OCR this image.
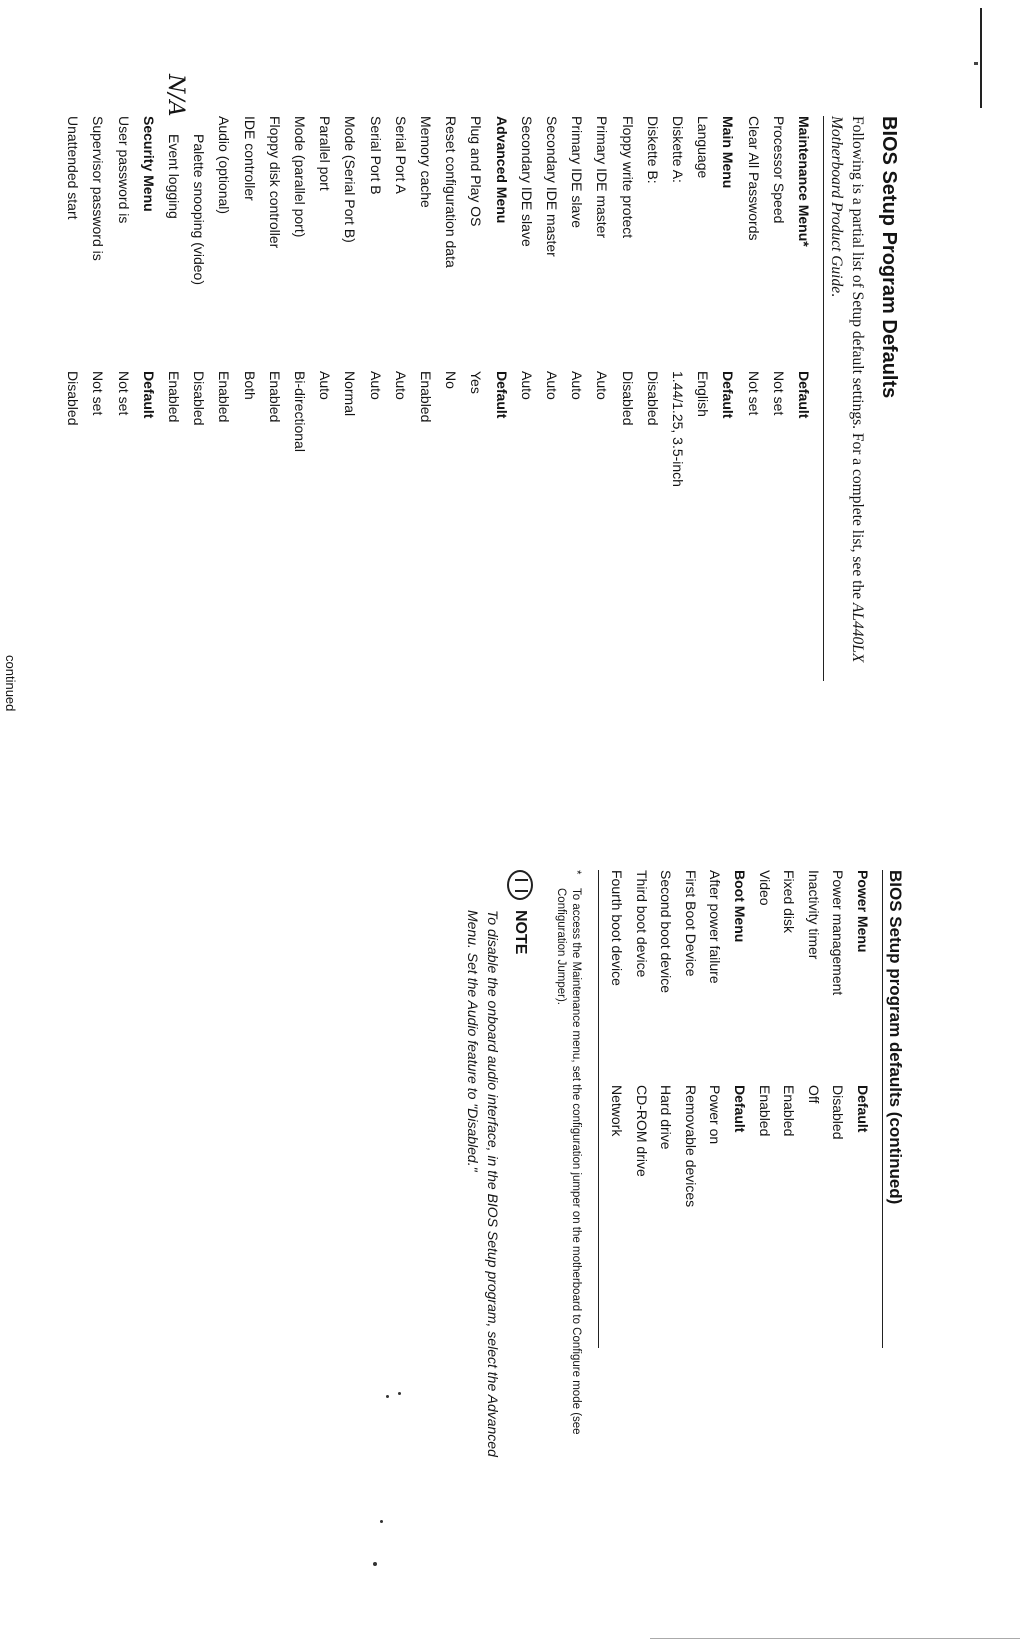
BIOS Setup Program Defaults
Following is a partial list of Setup default settings. For a complete list, see the AL440LX Motherboard Product Guide.
Maintenance Menu*
Default
Processor Speed
Not set
Clear All Passwords
Not set
Main Menu
Default
Language
English
Diskette A:
1.44/1.25, 3.5-inch
Diskette B:
Disabled
Floppy write protect
Disabled
Primary IDE master
Auto
Primary IDE slave
Auto
Secondary IDE master
Auto
Secondary IDE slave
Auto
Advanced Menu
Default
Plug and Play OS
Yes
Reset configuration data
No
Memory cache
Enabled
Serial Port A
Auto
Serial Port B
Auto
Mode (Serial Port B)
Normal
Parallel port
Auto
Mode (parallel port)
Bi-directional
Floppy disk controller
Enabled
IDE controller
Both
Audio (optional)
Enabled
Palette snooping (video)
Disabled
Event logging
Enabled
Security Menu
Default
User password is
Not set
Supervisor password is
Not set
Unattended start
Disabled
N/A
continued
BIOS Setup program defaults (continued)
Power Menu
Default
Power management
Disabled
Inactivity timer
Off
Fixed disk
Enabled
Video
Enabled
Boot Menu
Default
After power failure
Power on
First Boot Device
Removable devices
Second boot device
Hard drive
Third boot device
CD-ROM drive
Fourth boot device
Network
*
To access the Maintenance menu, set the configuration jumper on the motherboard to Configure mode (see Configuration Jumper).
NOTE
To disable the onboard audio interface, in the BIOS Setup program, select the Advanced Menu. Set the Audio feature to "Disabled."
